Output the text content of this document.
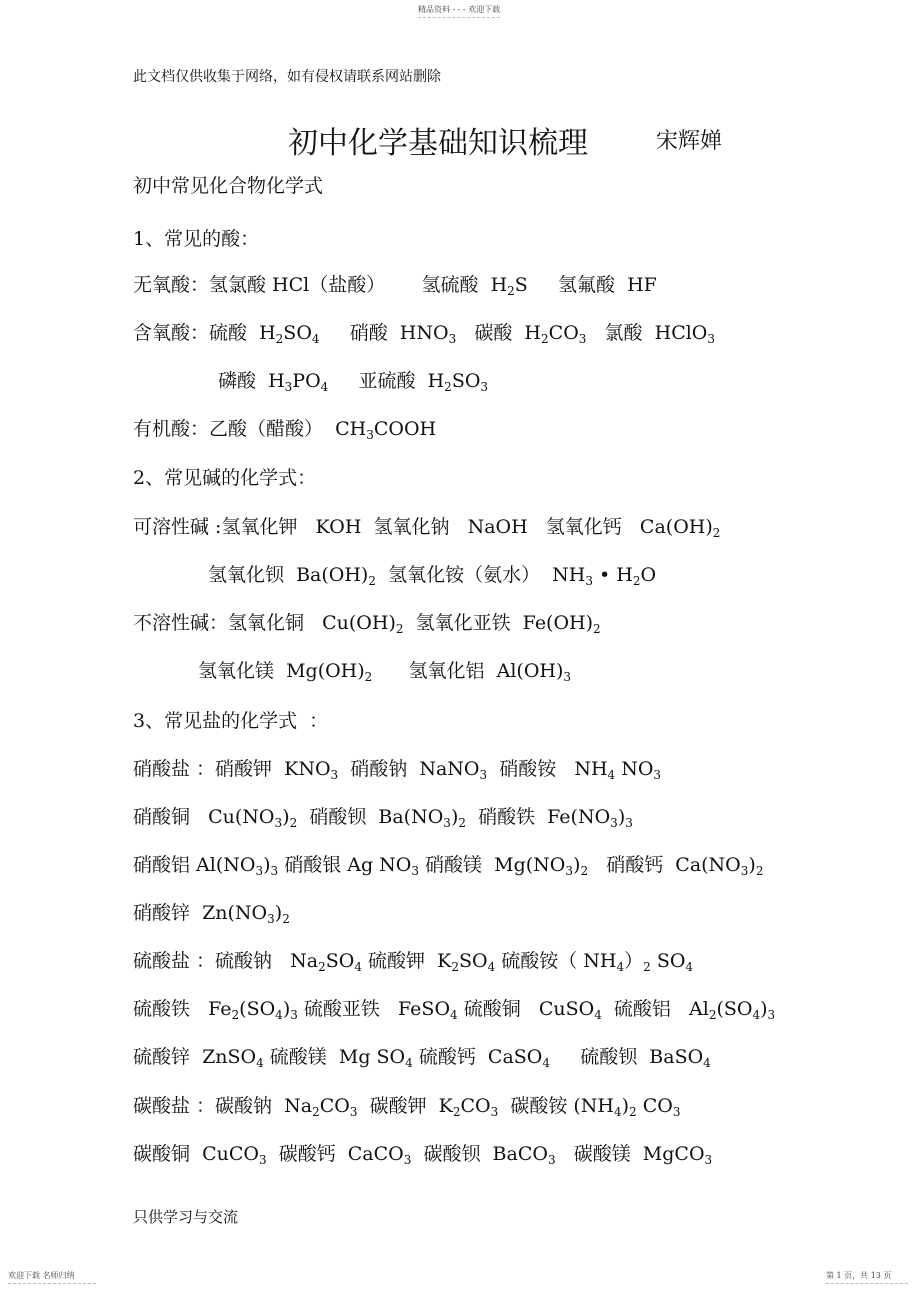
精品资料 - - - 欢迎下载
此文档仅供收集于网络，如有侵权请联系网站删除
初中化学基础知识梳理	宋辉婵
初中常见化合物化学式
1、常见的酸：
无氧酸：氢氯酸 HCl（盐酸）      氢硫酸  $H_2S$     氢氟酸  HF
含氧酸：硫酸  $H_2SO_4$     硝酸  $HNO_3$   碳酸  $H_2CO_3$   氯酸  HClO$_3$
磷酸  $H_3PO_4$     亚硫酸  $H_2SO_3$
有机酸：乙酸（醋酸）  $CH_3COOH$
2、常见碱的化学式：
可溶性碱 :氢氧化钾   KOH  氢氧化钠   NaOH   氢氧化钙   $Ca(OH)_2$
氢氧化钡  $Ba(OH)_2$  氢氧化铵（氨水）  $NH_3$ • $H_2O$
不溶性碱：氢氧化铜   $Cu(OH)_2$  氢氧化亚铁  $Fe(OH)_2$
氢氧化镁  $Mg(OH)_2$      氢氧化铝  $Al(OH)_3$
3、常见盐的化学式  ：
硝酸盐 ：硝酸钾  $KNO_3$  硝酸钠  NaNO$_3$  硝酸铵   $NH_4$ $NO_3$
硝酸铜   $Cu(NO_3)_2$  硝酸钡  $Ba(NO_3)_2$  硝酸铁  $Fe(NO_3)_3$
硝酸铝 $Al(NO_3)_3$ 硝酸银 Ag $NO_3$ 硝酸镁  $Mg(NO_3)_2$   硝酸钙  $Ca(NO_3)_2$
硝酸锌  $Zn(NO_3)_2$
硫酸盐 ：硫酸钠   $Na_2SO_4$ 硫酸钾  $K_2SO_4$ 硫酸铵（ $NH_4)_2$ $SO_4$
硫酸铁   $Fe_2(SO_4)_3$ 硫酸亚铁   FeSO$_4$ 硫酸铜   CuSO$_4$  硫酸铝   $Al_2(SO_4)_3$
硫酸锌  ZnSO$_4$ 硫酸镁  Mg $SO_4$ 硫酸钙  CaSO$_4$     硫酸钡  BaSO$_4$
碳酸盐 ：碳酸钠  $Na_2CO_3$  碳酸钾  $K_2CO_3$  碳酸铵 $(NH_4)_2$ $CO_3$
碳酸铜  CuCO$_3$  碳酸钙  CaCO$_3$  碳酸钡  BaCO$_3$   碳酸镁  MgCO$_3$
只供学习与交流
欢迎下载 名师归纳	第 1 页，共 13 页
